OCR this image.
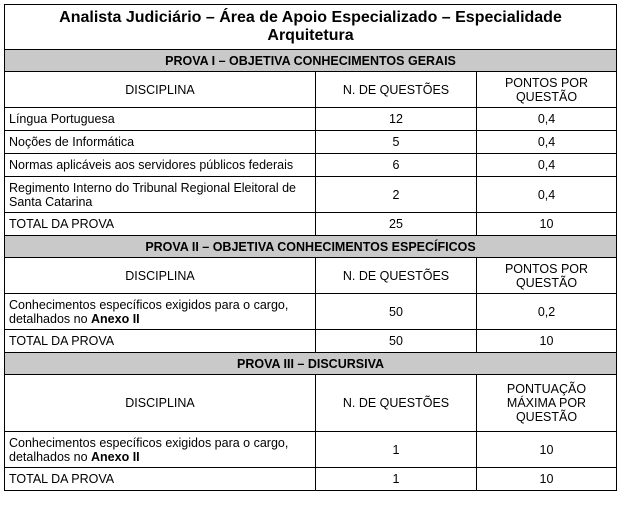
Analista Judiciário – Área de Apoio Especializado – Especialidade
Arquitetura		

PROVA I – OBJETIVA CONHECIMENTOS GERAIS		
DISCIPLINA	N. DE QUESTÕES	PONTOS POR QUESTÃO
Língua Portuguesa	12	0,4
Noções de Informática	5	0,4
Normas aplicáveis aos servidores públicos federais	6	0,4
Regimento Interno do Tribunal Regional Eleitoral de Santa Catarina	2	0,4
TOTAL DA PROVA	25	10
PROVA II – OBJETIVA CONHECIMENTOS ESPECÍFICOS		
DISCIPLINA	N. DE QUESTÕES	PONTOS POR QUESTÃO
Conhecimentos específicos exigidos para o cargo, detalhados no Anexo II	50	0,2
TOTAL DA PROVA	50	10
PROVA III – DISCURSIVA		
DISCIPLINA	N. DE QUESTÕES	PONTUAÇÃO MÁXIMA POR QUESTÃO
Conhecimentos específicos exigidos para o cargo, detalhados no Anexo II	1	10
TOTAL DA PROVA	1	10
